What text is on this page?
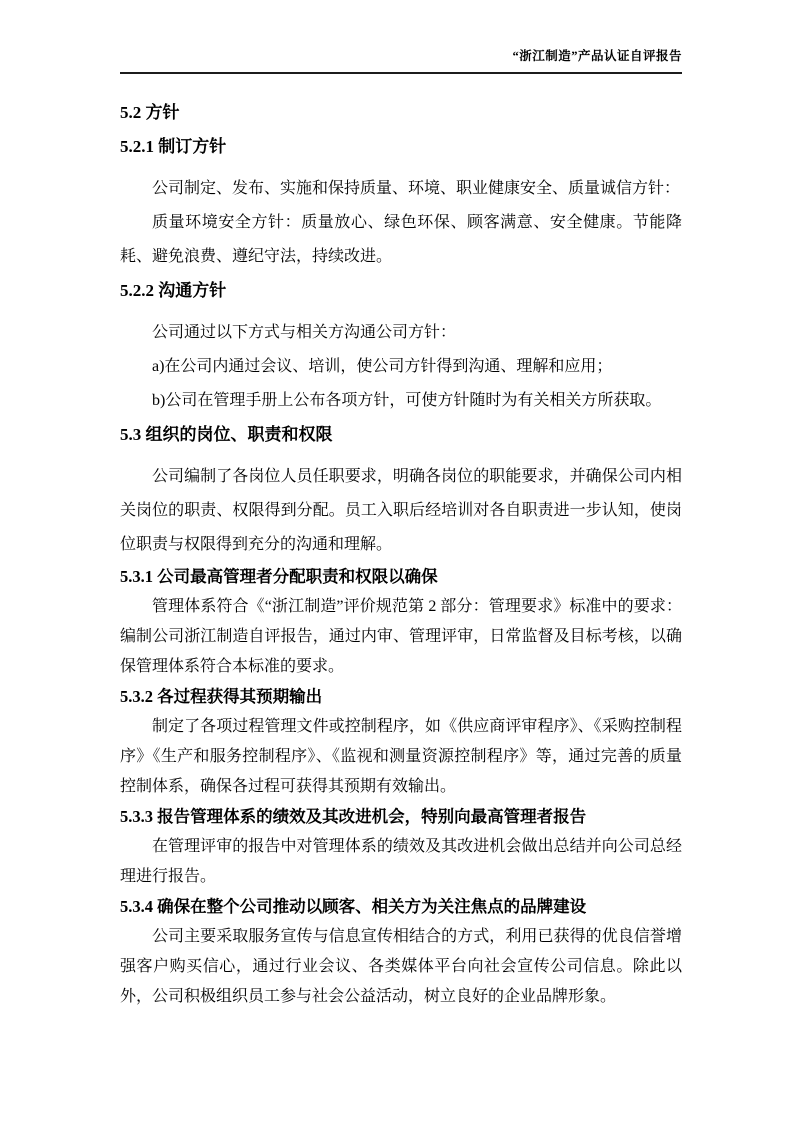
“浙江制造”产品认证自评报告
5.2 方针
5.2.1 制订方针

公司制定、发布、实施和保持质量、环境、职业健康安全、质量诚信方针：

质量环境安全方针：质量放心、绿色环保、顾客满意、安全健康。节能降耗、避免浪费、遵纪守法，持续改进。

5.2.2 沟通方针

公司通过以下方式与相关方沟通公司方针：

a)在公司内通过会议、培训，使公司方针得到沟通、理解和应用；

b)公司在管理手册上公布各项方针，可使方针随时为有关相关方所获取。

5.3 组织的岗位、职责和权限

公司编制了各岗位人员任职要求，明确各岗位的职能要求，并确保公司内相关岗位的职责、权限得到分配。员工入职后经培训对各自职责进一步认知，使岗位职责与权限得到充分的沟通和理解。

5.3.1 公司最高管理者分配职责和权限以确保

管理体系符合《“浙江制造”评价规范第 2 部分：管理要求》标准中的要求：编制公司浙江制造自评报告，通过内审、管理评审，日常监督及目标考核，以确保管理体系符合本标准的要求。

5.3.2 各过程获得其预期输出

制定了各项过程管理文件或控制程序，如《供应商评审程序》、《采购控制程序》《生产和服务控制程序》、《监视和测量资源控制程序》等，通过完善的质量控制体系，确保各过程可获得其预期有效输出。

5.3.3 报告管理体系的绩效及其改进机会，特别向最高管理者报告

在管理评审的报告中对管理体系的绩效及其改进机会做出总结并向公司总经理进行报告。

5.3.4 确保在整个公司推动以顾客、相关方为关注焦点的品牌建设

公司主要采取服务宣传与信息宣传相结合的方式，利用已获得的优良信誉增强客户购买信心，通过行业会议、各类媒体平台向社会宣传公司信息。除此以外，公司积极组织员工参与社会公益活动，树立良好的企业品牌形象。
